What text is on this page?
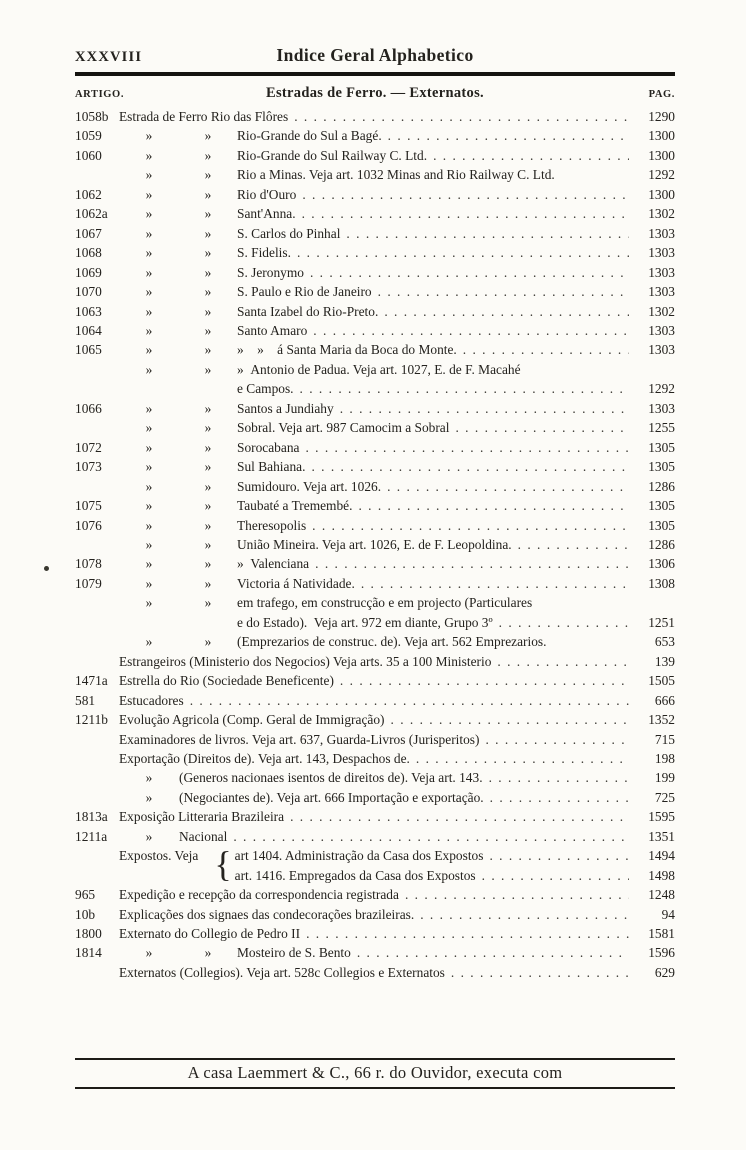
XXXVIII	Indice Geral Alphabetico
ARTIGO.	Estradas de Ferro. — Externatos.	PAG.
1058b Estrada de Ferro Rio das Flôres . . .	1290
1059	»	»	Rio-Grande do Sul a Bagé. . . .	1300
1060	»	»	Rio-Grande do Sul Railway C. Ltd. . . .	1300
»	»	Rio a Minas. Veja art. 1032 Minas and Rio Railway C. Ltd.	1292
1062	»	»	Rio d'Ouro . . .	1300
1062a	»	»	Sant'Anna. . . .	1302
1067	»	»	S. Carlos do Pinhal . . .	1303
1068	»	»	S. Fidelis. . . .	1303
1069	»	»	S. Jeronymo . . .	1303
1070	»	»	S. Paulo e Rio de Janeiro . . .	1303
1063	»	»	Santa Izabel do Rio-Preto. . . .	1302
1064	»	»	Santo Amaro . . .	1303
1065	»	»	» » á Santa Maria da Boca do Monte. . . .	1303
»	»	» Antonio de Padua. Veja art. 1027, E. de F. Macahé
e Campos. . . .	1292
1066	»	»	Santos a Jundiahy . . .	1303
»	»	Sobral. Veja art. 987 Camocim a Sobral . . .	1255
1072	»	»	Sorocabana . . .	1305
1073	»	»	Sul Bahiana. . . .	1305
»	»	Sumidouro. Veja art. 1026. . . .	1286
1075	»	»	Taubaté a Tremembé. . . .	1305
1076	»	»	Theresopolis . . .	1305
»	»	União Mineira. Veja art. 1026, E. de F. Leopoldina. . . .	1286
1078	»	»	» Valenciana . . .	1306
1079	»	»	Victoria á Natividade. . . .	1308
»	»	em trafego, em construcção e em projecto (Particulares
e do Estado).  Veja art. 972 em diante, Grupo 3º . . .	1251
»	»	(Emprezarios de construc. de). Veja art. 562 Emprezarios.	653
Estrangeiros (Ministerio dos Negocios) Veja arts. 35 a 100 Ministerio . . .	139
1471a Estrella do Rio (Sociedade Beneficente) . . .	1505
581	Estucadores . . .	666
1211b Evolução Agricola (Comp. Geral de Immigração) . . .	1352
Examinadores de livros. Veja art. 637, Guarda-Livros (Jurisperitos) . . .	715
Exportação (Direitos de). Veja art. 143, Despachos de. . . .	198
»	(Generos nacionaes isentos de direitos de). Veja art. 143. . . .	199
»	(Negociantes de). Veja art. 666 Importação e exportação. . . .	725
1813a Exposição Litteraria Brazileira . . .	1595
1211a	»	Nacional . . .	1351
Expostos. Veja { art 1404. Administração da Casa dos Expostos . . .	1494
art. 1416. Empregados da Casa dos Expostos . . .	1498
965	Expedição e recepção da correspondencia registrada . . .	1248
10b	Explicações dos signaes das condecorações brazileiras. . . .	94
1800	Externato do Collegio de Pedro II . . .	1581
1814	»	»	Mosteiro de S. Bento . . .	1596
Externatos (Collegios). Veja art. 528c Collegios e Externatos . . .	629
A casa Laemmert & C., 66 r. do Ouvidor, executa com
